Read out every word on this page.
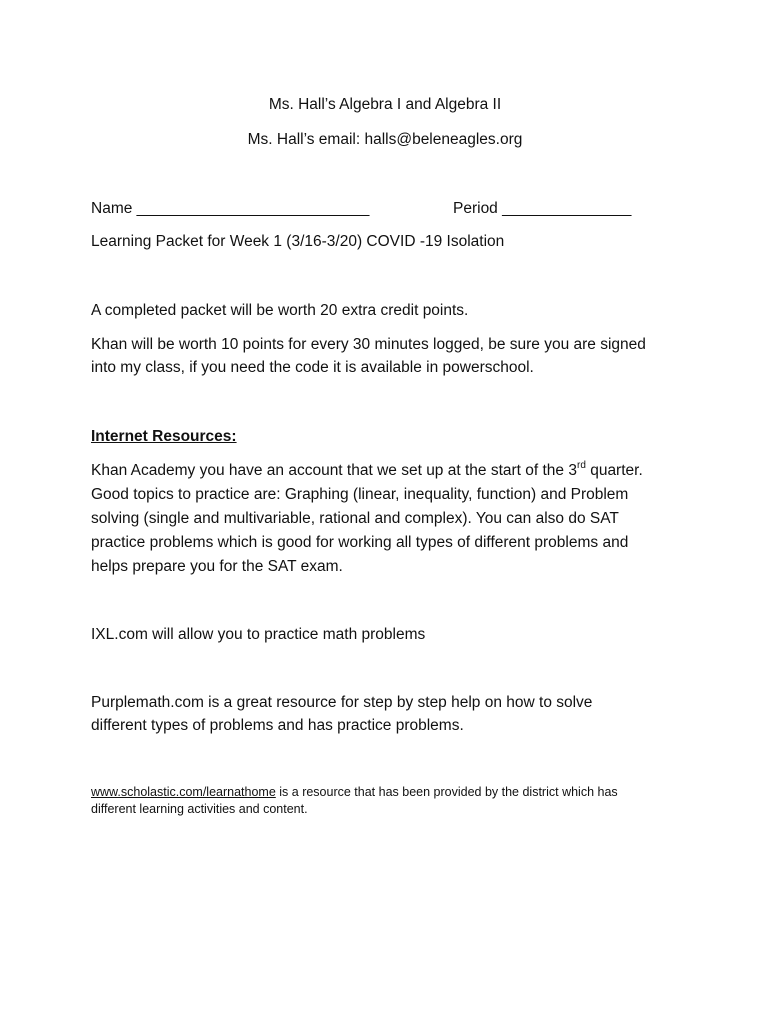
Ms. Hall’s Algebra I and Algebra II
Ms. Hall’s email: halls@beleneagles.org
Name ___________________________	Period _______________
Learning Packet for Week 1 (3/16-3/20) COVID -19 Isolation
A completed packet will be worth 20 extra credit points.
Khan will be worth 10 points for every 30 minutes logged, be sure you are signed
into my class, if you need the code it is available in powerschool.
Internet Resources:
Khan Academy you have an account that we set up at the start of the 3rd quarter.
Good topics to practice are: Graphing (linear, inequality, function) and Problem
solving (single and multivariable, rational and complex). You can also do SAT
practice problems which is good for working all types of different problems and
helps prepare you for the SAT exam.
IXL.com will allow you to practice math problems
Purplemath.com is a great resource for step by step help on how to solve
different types of problems and has practice problems.
www.scholastic.com/learnathome is a resource that has been provided by the district which has
different learning activities and content.
